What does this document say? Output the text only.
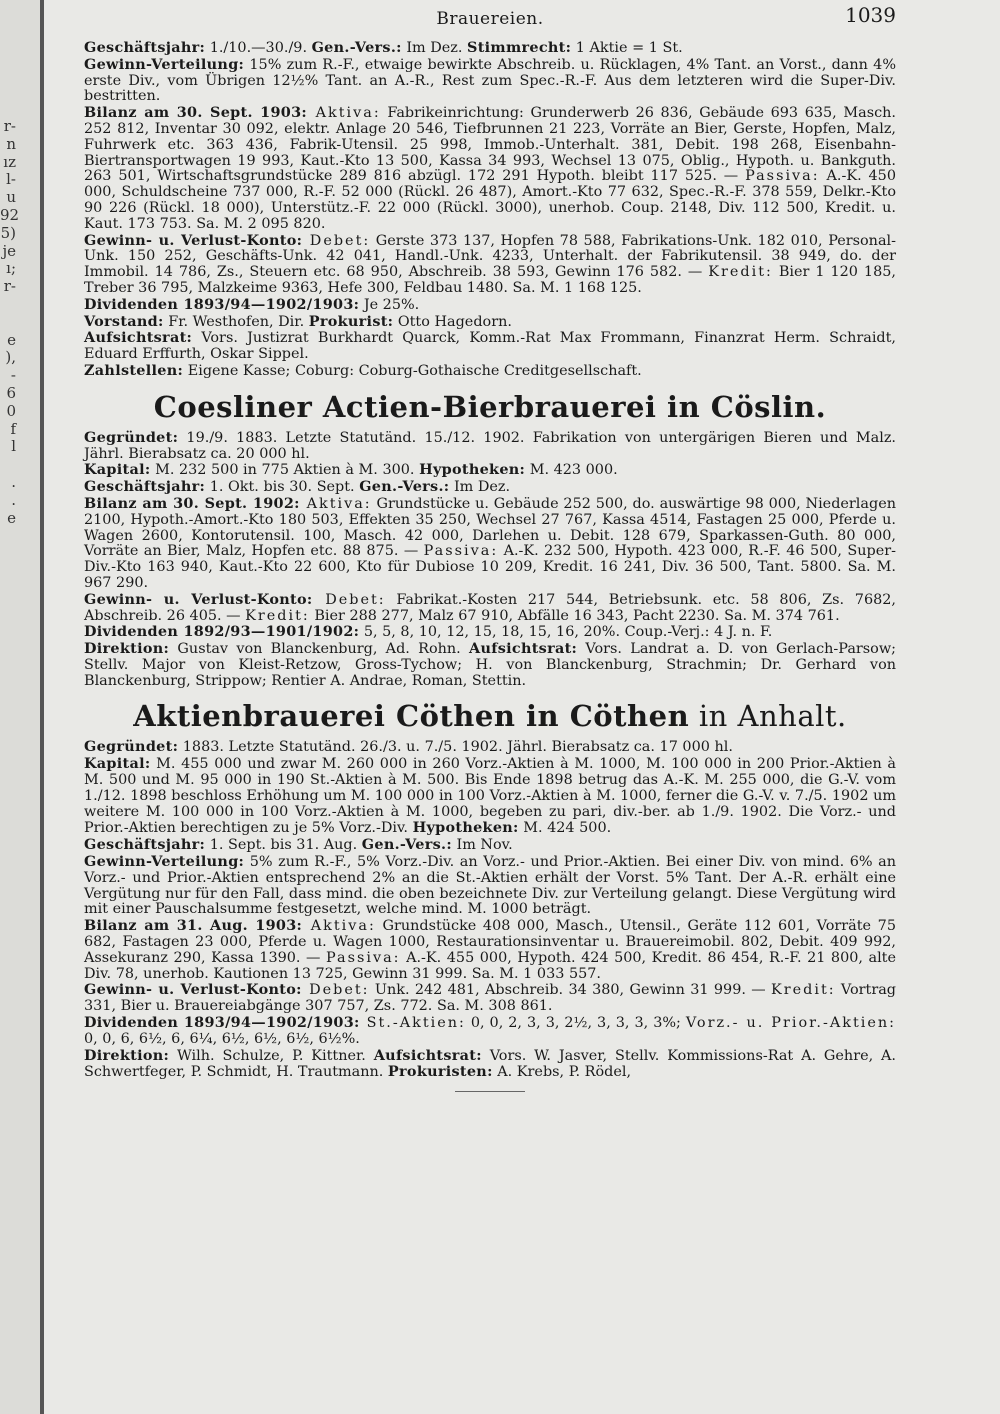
r-
n
ız
l-
u
92
5)
je
ı;
r-
e
),
-
6
0
f
l
.
.
e
Brauereien.	1039

Geschäftsjahr: 1./10.—30./9. Gen.-Vers.: Im Dez. Stimmrecht: 1 Aktie = 1 St.

Gewinn-Verteilung: 15% zum R.-F., etwaige bewirkte Abschreib. u. Rücklagen, 4% Tant. an Vorst., dann 4% erste Div., vom Übrigen 12½% Tant. an A.-R., Rest zum Spec.-R.-F. Aus dem letzteren wird die Super-Div. bestritten.

Bilanz am 30. Sept. 1903: Aktiva: Fabrikeinrichtung: Grunderwerb 26 836, Gebäude 693 635, Masch. 252 812, Inventar 30 092, elektr. Anlage 20 546, Tiefbrunnen 21 223, Vorräte an Bier, Gerste, Hopfen, Malz, Fuhrwerk etc. 363 436, Fabrik-Utensil. 25 998, Immob.-Unterhalt. 381, Debit. 198 268, Eisenbahn-Biertransportwagen 19 993, Kaut.-Kto 13 500, Kassa 34 993, Wechsel 13 075, Oblig., Hypoth. u. Bankguth. 263 501, Wirtschaftsgrundstücke 289 816 abzügl. 172 291 Hypoth. bleibt 117 525. — Passiva: A.-K. 450 000, Schuldscheine 737 000, R.-F. 52 000 (Rückl. 26 487), Amort.-Kto 77 632, Spec.-R.-F. 378 559, Delkr.-Kto 90 226 (Rückl. 18 000), Unterstütz.-F. 22 000 (Rückl. 3000), unerhob. Coup. 2148, Div. 112 500, Kredit. u. Kaut. 173 753. Sa. M. 2 095 820.

Gewinn- u. Verlust-Konto: Debet: Gerste 373 137, Hopfen 78 588, Fabrikations-Unk. 182 010, Personal-Unk. 150 252, Geschäfts-Unk. 42 041, Handl.-Unk. 4233, Unterhalt. der Fabrikutensil. 38 949, do. der Immobil. 14 786, Zs., Steuern etc. 68 950, Abschreib. 38 593, Gewinn 176 582. — Kredit: Bier 1 120 185, Treber 36 795, Malzkeime 9363, Hefe 300, Feldbau 1480. Sa. M. 1 168 125.

Dividenden 1893/94—1902/1903: Je 25%.

Vorstand: Fr. Westhofen, Dir. Prokurist: Otto Hagedorn.

Aufsichtsrat: Vors. Justizrat Burkhardt Quarck, Komm.-Rat Max Frommann, Finanzrat Herm. Schraidt, Eduard Erffurth, Oskar Sippel.

Zahlstellen: Eigene Kasse; Coburg: Coburg-Gothaische Creditgesellschaft.

Coesliner Actien-Bierbrauerei in Cöslin.

Gegründet: 19./9. 1883. Letzte Statutänd. 15./12. 1902. Fabrikation von untergärigen Bieren und Malz. Jährl. Bierabsatz ca. 20 000 hl.

Kapital: M. 232 500 in 775 Aktien à M. 300. Hypotheken: M. 423 000.

Geschäftsjahr: 1. Okt. bis 30. Sept. Gen.-Vers.: Im Dez.

Bilanz am 30. Sept. 1902: Aktiva: Grundstücke u. Gebäude 252 500, do. auswärtige 98 000, Niederlagen 2100, Hypoth.-Amort.-Kto 180 503, Effekten 35 250, Wechsel 27 767, Kassa 4514, Fastagen 25 000, Pferde u. Wagen 2600, Kontorutensil. 100, Masch. 42 000, Darlehen u. Debit. 128 679, Sparkassen-Guth. 80 000, Vorräte an Bier, Malz, Hopfen etc. 88 875. — Passiva: A.-K. 232 500, Hypoth. 423 000, R.-F. 46 500, Super-Div.-Kto 163 940, Kaut.-Kto 22 600, Kto für Dubiose 10 209, Kredit. 16 241, Div. 36 500, Tant. 5800. Sa. M. 967 290.

Gewinn- u. Verlust-Konto: Debet: Fabrikat.-Kosten 217 544, Betriebsunk. etc. 58 806, Zs. 7682, Abschreib. 26 405. — Kredit: Bier 288 277, Malz 67 910, Abfälle 16 343, Pacht 2230. Sa. M. 374 761.

Dividenden 1892/93—1901/1902: 5, 5, 8, 10, 12, 15, 18, 15, 16, 20%. Coup.-Verj.: 4 J. n. F.

Direktion: Gustav von Blanckenburg, Ad. Rohn. Aufsichtsrat: Vors. Landrat a. D. von Gerlach-Parsow; Stellv. Major von Kleist-Retzow, Gross-Tychow; H. von Blanckenburg, Strachmin; Dr. Gerhard von Blanckenburg, Strippow; Rentier A. Andrae, Roman, Stettin.

Aktienbrauerei Cöthen in Cöthen in Anhalt.

Gegründet: 1883. Letzte Statutänd. 26./3. u. 7./5. 1902. Jährl. Bierabsatz ca. 17 000 hl.

Kapital: M. 455 000 und zwar M. 260 000 in 260 Vorz.-Aktien à M. 1000, M. 100 000 in 200 Prior.-Aktien à M. 500 und M. 95 000 in 190 St.-Aktien à M. 500. Bis Ende 1898 betrug das A.-K. M. 255 000, die G.-V. vom 1./12. 1898 beschloss Erhöhung um M. 100 000 in 100 Vorz.-Aktien à M. 1000, ferner die G.-V. v. 7./5. 1902 um weitere M. 100 000 in 100 Vorz.-Aktien à M. 1000, begeben zu pari, div.-ber. ab 1./9. 1902. Die Vorz.- und Prior.-Aktien berechtigen zu je 5% Vorz.-Div. Hypotheken: M. 424 500.

Geschäftsjahr: 1. Sept. bis 31. Aug. Gen.-Vers.: Im Nov.

Gewinn-Verteilung: 5% zum R.-F., 5% Vorz.-Div. an Vorz.- und Prior.-Aktien. Bei einer Div. von mind. 6% an Vorz.- und Prior.-Aktien entsprechend 2% an die St.-Aktien erhält der Vorst. 5% Tant. Der A.-R. erhält eine Vergütung nur für den Fall, dass mind. die oben bezeichnete Div. zur Verteilung gelangt. Diese Vergütung wird mit einer Pauschalsumme festgesetzt, welche mind. M. 1000 beträgt.

Bilanz am 31. Aug. 1903: Aktiva: Grundstücke 408 000, Masch., Utensil., Geräte 112 601, Vorräte 75 682, Fastagen 23 000, Pferde u. Wagen 1000, Restaurationsinventar u. Brauereimobil. 802, Debit. 409 992, Assekuranz 290, Kassa 1390. — Passiva: A.-K. 455 000, Hypoth. 424 500, Kredit. 86 454, R.-F. 21 800, alte Div. 78, unerhob. Kautionen 13 725, Gewinn 31 999. Sa. M. 1 033 557.

Gewinn- u. Verlust-Konto: Debet: Unk. 242 481, Abschreib. 34 380, Gewinn 31 999. — Kredit: Vortrag 331, Bier u. Brauereiabgänge 307 757, Zs. 772. Sa. M. 308 861.

Dividenden 1893/94—1902/1903: St.-Aktien: 0, 0, 2, 3, 3, 2½, 3, 3, 3, 3%; Vorz.- u. Prior.-Aktien: 0, 0, 6, 6½, 6, 6¼, 6½, 6½, 6½, 6½%.

Direktion: Wilh. Schulze, P. Kittner. Aufsichtsrat: Vors. W. Jasver, Stellv. Kommissions-Rat A. Gehre, A. Schwertfeger, P. Schmidt, H. Trautmann. Prokuristen: A. Krebs, P. Rödel,
